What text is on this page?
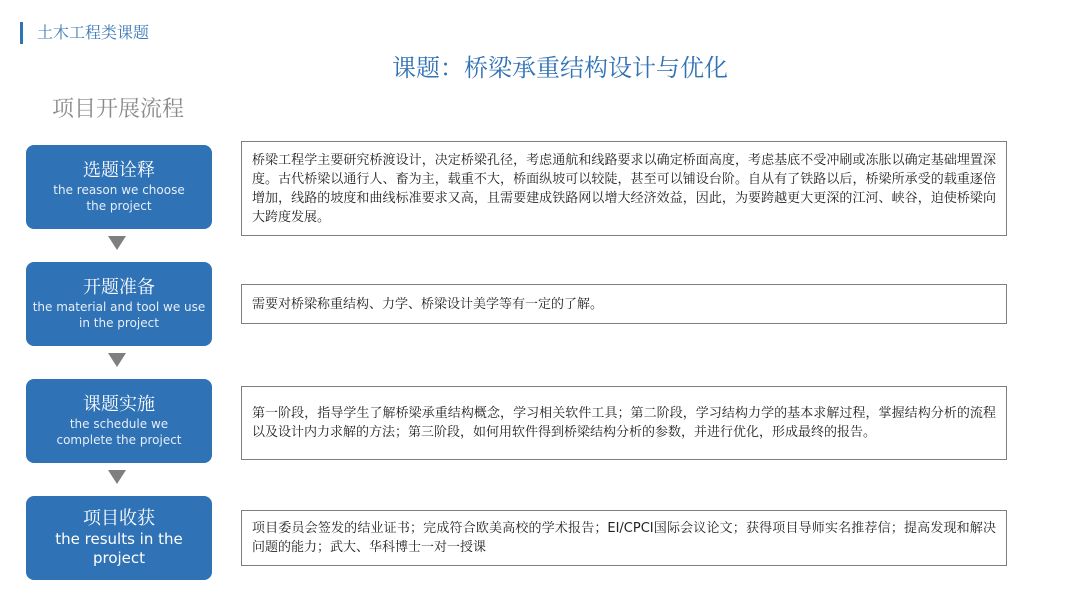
土木工程类课题
课题：桥梁承重结构设计与优化
项目开展流程
选题诠释
the reason we choose the project
桥梁工程学主要研究桥渡设计，决定桥梁孔径，考虑通航和线路要求以确定桥面高度，考虑基底不受冲刷或冻胀以确定基础埋置深度。古代桥梁以通行人、畜为主，载重不大，桥面纵坡可以较陡，甚至可以铺设台阶。自从有了铁路以后，桥梁所承受的载重逐倍增加，线路的坡度和曲线标准要求又高，且需要建成铁路网以增大经济效益，因此，为要跨越更大更深的江河、峡谷，迫使桥梁向大跨度发展。
开题准备
the material and tool we use in the project
需要对桥梁称重结构、力学、桥梁设计美学等有一定的了解。
课题实施
the schedule we complete the project
第一阶段，指导学生了解桥梁承重结构概念，学习相关软件工具；第二阶段，学习结构力学的基本求解过程，掌握结构分析的流程以及设计内力求解的方法；第三阶段，如何用软件得到桥梁结构分析的参数，并进行优化，形成最终的报告。
项目收获
the results in the project
项目委员会签发的结业证书；完成符合欧美高校的学术报告；EI/CPCI国际会议论文；获得项目导师实名推荐信；提高发现和解决问题的能力；武大、华科博士一对一授课
